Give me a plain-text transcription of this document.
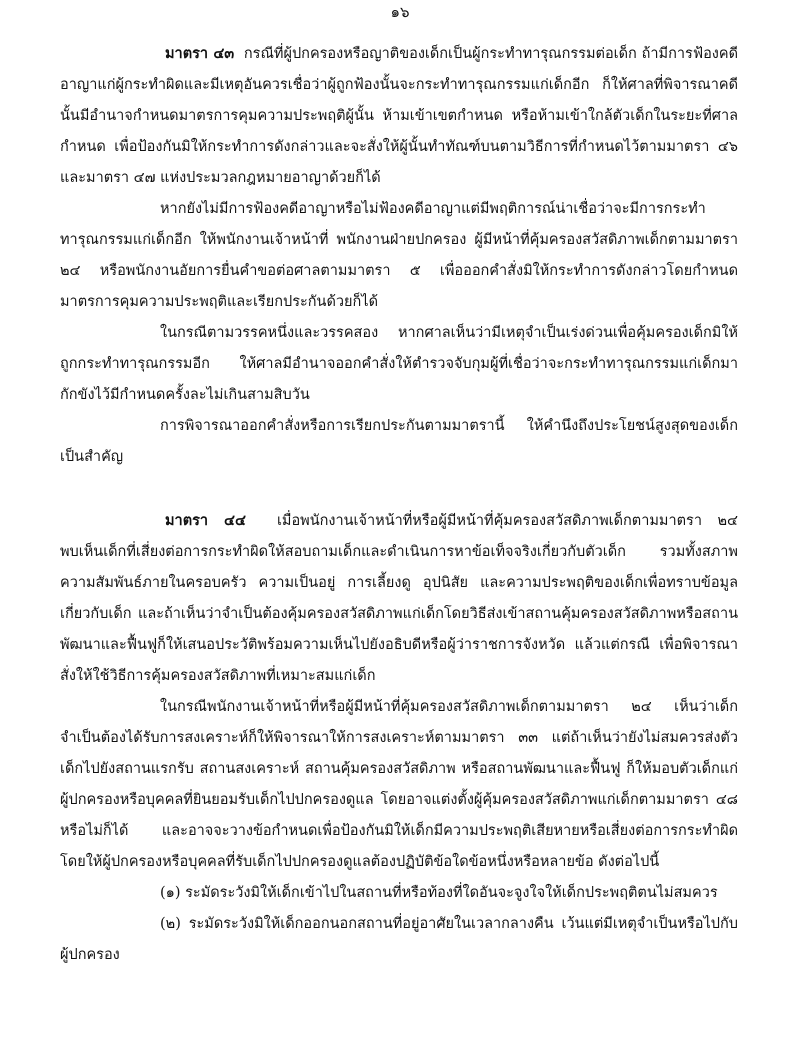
๑๖

มาตรา ๔๓ กรณีที่ผู้ปกครองหรือญาติของเด็กเป็นผู้กระทำทารุณกรรมต่อเด็ก ถ้ามีการฟ้องคดีอาญาแก่ผู้กระทำผิดและมีเหตุอันควรเชื่อว่าผู้ถูกฟ้องนั้นจะกระทำทารุณกรรมแก่เด็กอีก ก็ให้ศาลที่พิจารณาคดีนั้นมีอำนาจกำหนดมาตรการคุมความประพฤติผู้นั้น ห้ามเข้าเขตกำหนด หรือห้ามเข้าใกล้ตัวเด็กในระยะที่ศาลกำหนด เพื่อป้องกันมิให้กระทำการดังกล่าวและจะสั่งให้ผู้นั้นทำทัณฑ์บนตามวิธีการที่กำหนดไว้ตามมาตรา ๔๖ และมาตรา ๔๗ แห่งประมวลกฎหมายอาญาด้วยก็ได้

หากยังไม่มีการฟ้องคดีอาญาหรือไม่ฟ้องคดีอาญาแต่มีพฤติการณ์น่าเชื่อว่าจะมีการกระทำทารุณกรรมแก่เด็กอีก ให้พนักงานเจ้าหน้าที่ พนักงานฝ่ายปกครอง ผู้มีหน้าที่คุ้มครองสวัสดิภาพเด็กตามมาตรา ๒๔ หรือพนักงานอัยการยื่นคำขอต่อศาลตามมาตรา ๕ เพื่อออกคำสั่งมิให้กระทำการดังกล่าวโดยกำหนดมาตรการคุมความประพฤติและเรียกประกันด้วยก็ได้

ในกรณีตามวรรคหนึ่งและวรรคสอง หากศาลเห็นว่ามีเหตุจำเป็นเร่งด่วนเพื่อคุ้มครองเด็กมิให้ถูกกระทำทารุณกรรมอีก ให้ศาลมีอำนาจออกคำสั่งให้ตำรวจจับกุมผู้ที่เชื่อว่าจะกระทำทารุณกรรมแก่เด็กมากักขังไว้มีกำหนดครั้งละไม่เกินสามสิบวัน

การพิจารณาออกคำสั่งหรือการเรียกประกันตามมาตรานี้ ให้คำนึงถึงประโยชน์สูงสุดของเด็กเป็นสำคัญ

มาตรา ๔๔ เมื่อพนักงานเจ้าหน้าที่หรือผู้มีหน้าที่คุ้มครองสวัสดิภาพเด็กตามมาตรา ๒๔ พบเห็นเด็กที่เสี่ยงต่อการกระทำผิดให้สอบถามเด็กและดำเนินการหาข้อเท็จจริงเกี่ยวกับตัวเด็ก รวมทั้งสภาพความสัมพันธ์ภายในครอบครัว ความเป็นอยู่ การเลี้ยงดู อุปนิสัย และความประพฤติของเด็กเพื่อทราบข้อมูลเกี่ยวกับเด็ก และถ้าเห็นว่าจำเป็นต้องคุ้มครองสวัสดิภาพแก่เด็กโดยวิธีส่งเข้าสถานคุ้มครองสวัสดิภาพหรือสถานพัฒนาและฟื้นฟูก็ให้เสนอประวัติพร้อมความเห็นไปยังอธิบดีหรือผู้ว่าราชการจังหวัด แล้วแต่กรณี เพื่อพิจารณาสั่งให้ใช้วิธีการคุ้มครองสวัสดิภาพที่เหมาะสมแก่เด็ก

ในกรณีพนักงานเจ้าหน้าที่หรือผู้มีหน้าที่คุ้มครองสวัสดิภาพเด็กตามมาตรา ๒๔ เห็นว่าเด็กจำเป็นต้องได้รับการสงเคราะห์ก็ให้พิจารณาให้การสงเคราะห์ตามมาตรา ๓๓ แต่ถ้าเห็นว่ายังไม่สมควรส่งตัวเด็กไปยังสถานแรกรับ สถานสงเคราะห์ สถานคุ้มครองสวัสดิภาพ หรือสถานพัฒนาและฟื้นฟู ก็ให้มอบตัวเด็กแก่ผู้ปกครองหรือบุคคลที่ยินยอมรับเด็กไปปกครองดูแล โดยอาจแต่งตั้งผู้คุ้มครองสวัสดิภาพแก่เด็กตามมาตรา ๔๘ หรือไม่ก็ได้ และอาจจะวางข้อกำหนดเพื่อป้องกันมิให้เด็กมีความประพฤติเสียหายหรือเสี่ยงต่อการกระทำผิด โดยให้ผู้ปกครองหรือบุคคลที่รับเด็กไปปกครองดูแลต้องปฏิบัติข้อใดข้อหนึ่งหรือหลายข้อ ดังต่อไปนี้

(๑) ระมัดระวังมิให้เด็กเข้าไปในสถานที่หรือท้องที่ใดอันจะจูงใจให้เด็กประพฤติตนไม่สมควร

(๒) ระมัดระวังมิให้เด็กออกนอกสถานที่อยู่อาศัยในเวลากลางคืน เว้นแต่มีเหตุจำเป็นหรือไปกับผู้ปกครอง
